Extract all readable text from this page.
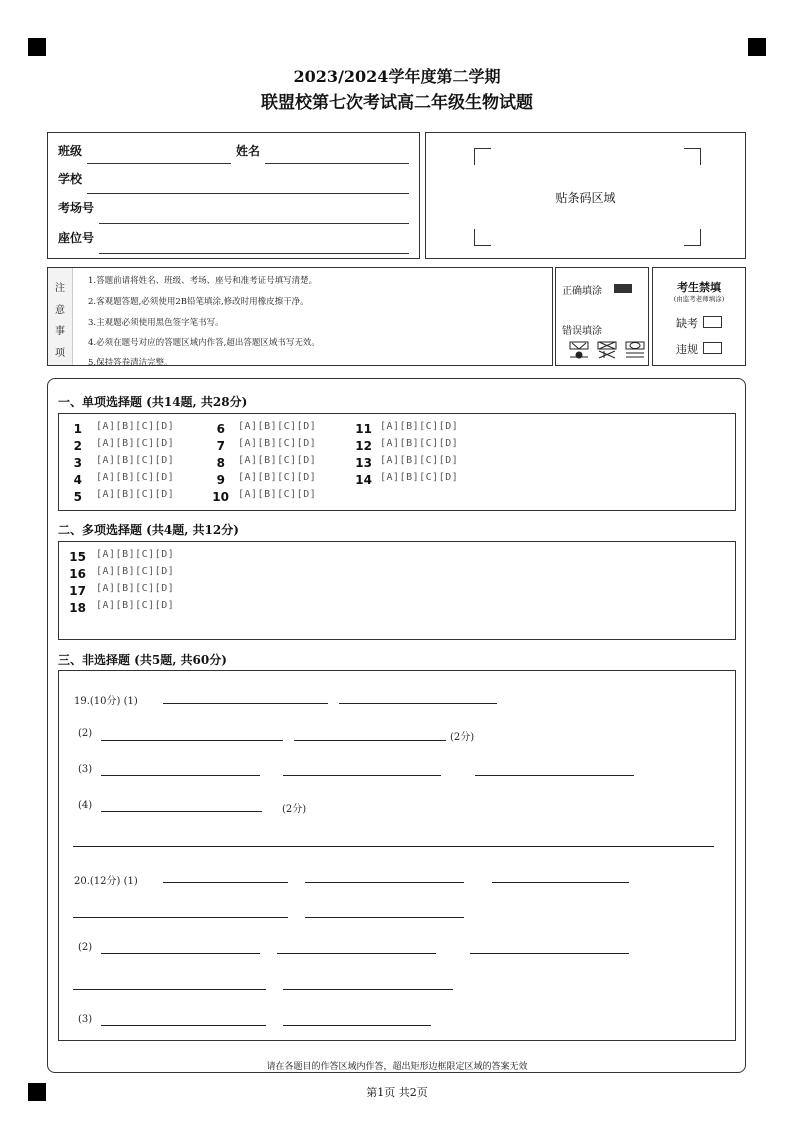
2023/2024学年度第二学期
联盟校第七次考试高二年级生物试题
班级	姓名
学校
考场号
座位号
贴条码区域
注
意
事
项
1.答题前请将姓名、班级、考场、座号和准考证号填写清楚。
2.客观题答题,必须使用2B铅笔填涂,修改时用橡皮擦干净。
3.主观题必须使用黑色签字笔书写。
4.必须在题号对应的答题区域内作答,超出答题区域书写无效。
5.保持答卷清洁完整。
正确填涂
错误填涂
考生禁填
(由监考老师填涂)
缺考
违规
一、单项选择题 (共14题, 共28分)
1 [A][B][C][D]
2 [A][B][C][D]
3 [A][B][C][D]
4 [A][B][C][D]
5 [A][B][C][D]
6 [A][B][C][D]
7 [A][B][C][D]
8 [A][B][C][D]
9 [A][B][C][D]
10 [A][B][C][D]
11 [A][B][C][D]
12 [A][B][C][D]
13 [A][B][C][D]
14 [A][B][C][D]
二、多项选择题 (共4题, 共12分)
15 [A][B][C][D]
16 [A][B][C][D]
17 [A][B][C][D]
18 [A][B][C][D]
三、非选择题 (共5题, 共60分)
19.(10分) (1)
(2)	(2分)
(3)
(4)	(2分)
20.(12分) (1)
(2)
(3)
请在各题目的作答区域内作答，超出矩形边框限定区域的答案无效
第1页 共2页
